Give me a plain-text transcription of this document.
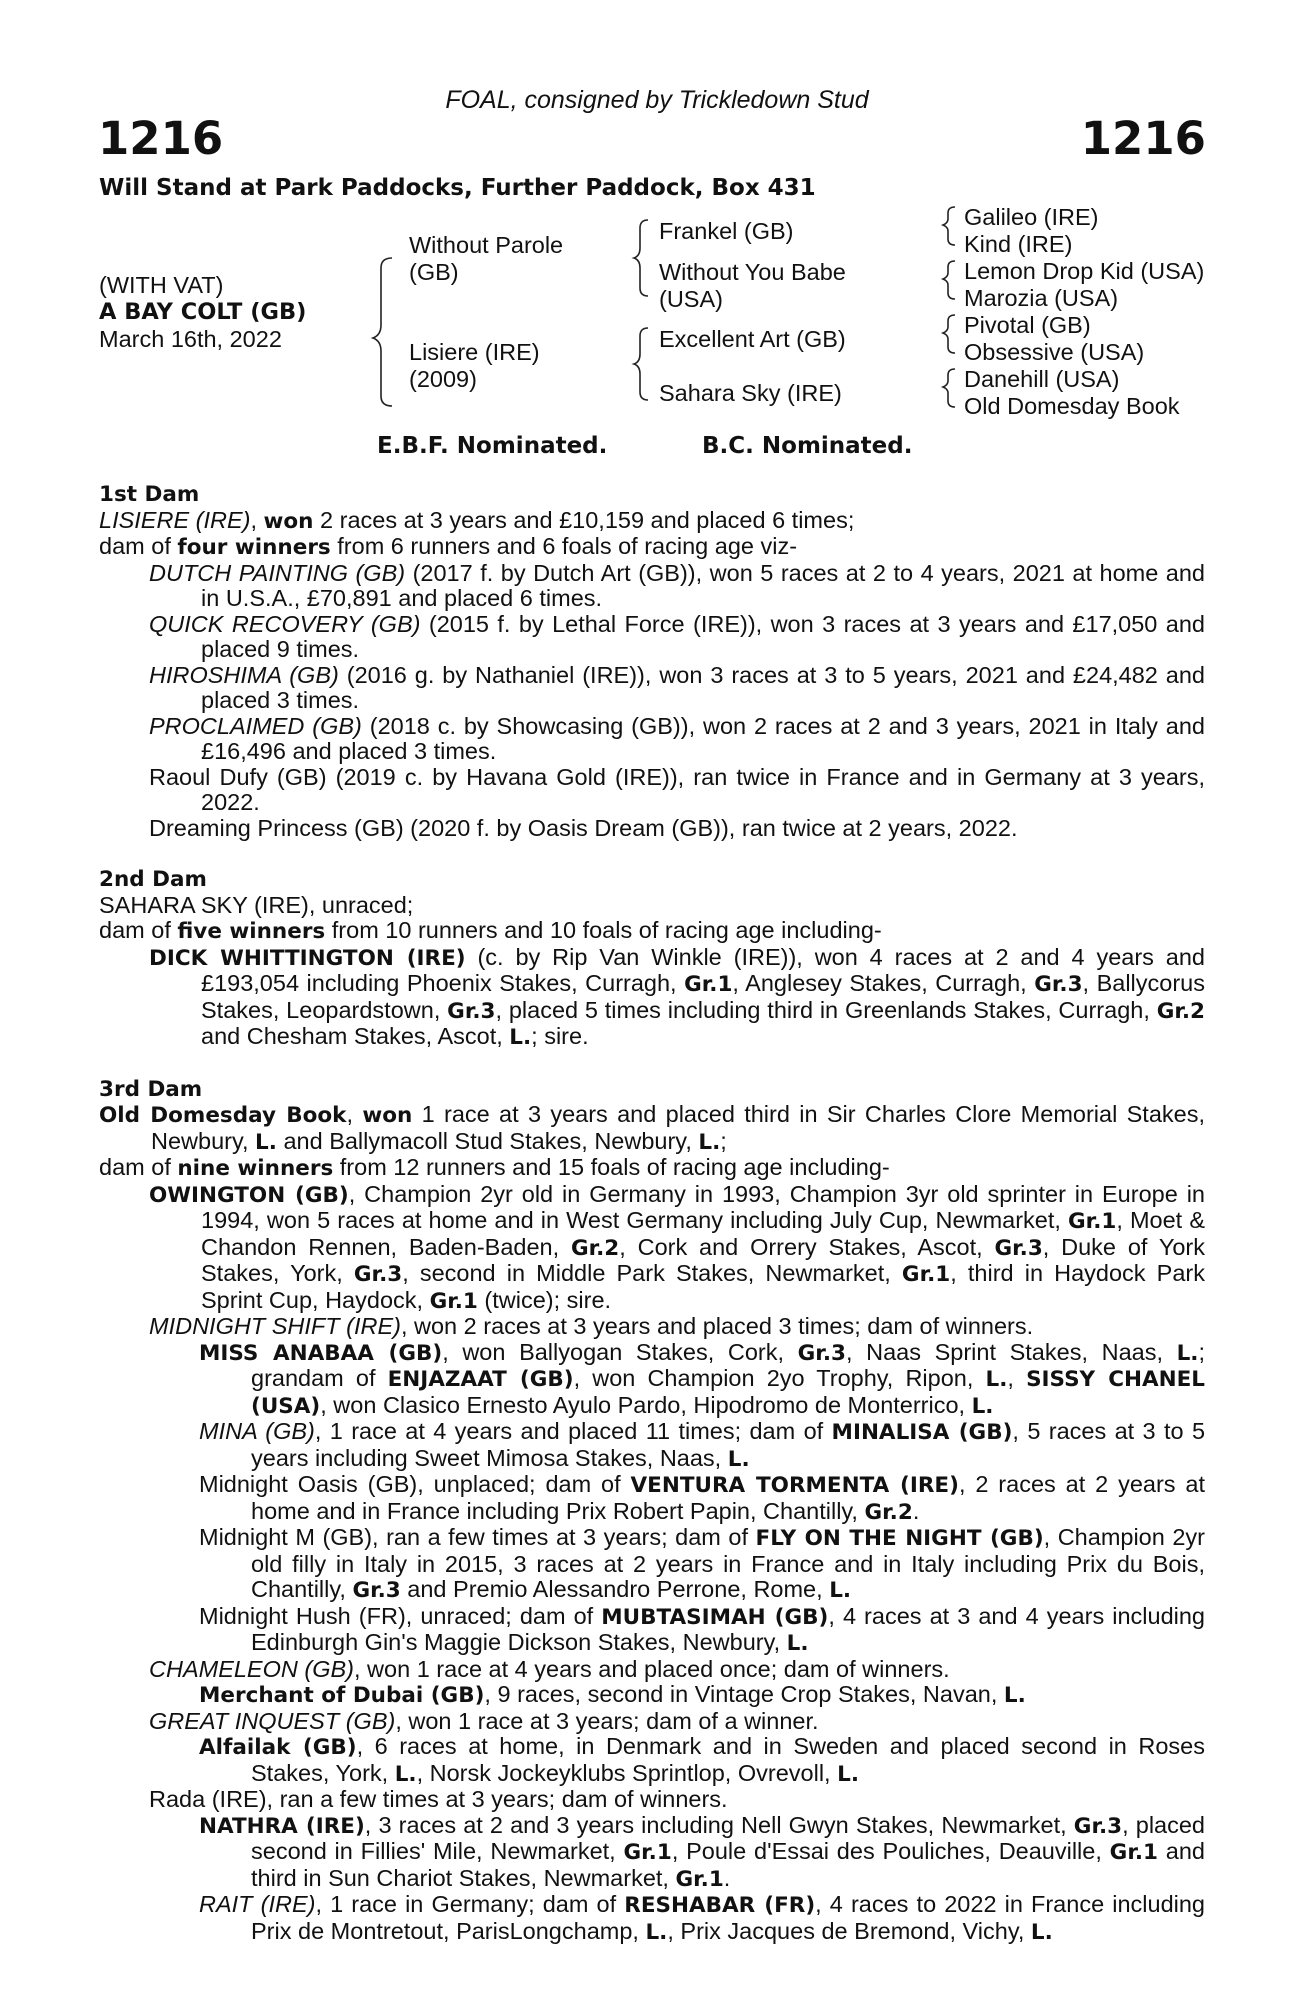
FOAL, consigned by Trickledown Stud
1216	1216
Will Stand at Park Paddocks, Further Paddock, Box 431
(WITH VAT)
A BAY COLT (GB)
March 16th, 2022
Without Parole
(GB)
Lisiere (IRE)
(2009)
Frankel (GB)
Without You Babe
(USA)
Excellent Art (GB)
Sahara Sky (IRE)
Galileo (IRE)
Kind (IRE)
Lemon Drop Kid (USA)
Marozia (USA)
Pivotal (GB)
Obsessive (USA)
Danehill (USA)
Old Domesday Book
E.B.F. Nominated.	B.C. Nominated.
1st Dam
LISIERE (IRE), won 2 races at 3 years and £10,159 and placed 6 times;
dam of four winners from 6 runners and 6 foals of racing age viz-
DUTCH PAINTING (GB) (2017 f. by Dutch Art (GB)), won 5 races at 2 to 4 years, 2021 at home and in U.S.A., £70,891 and placed 6 times.
QUICK RECOVERY (GB) (2015 f. by Lethal Force (IRE)), won 3 races at 3 years and £17,050 and placed 9 times.
HIROSHIMA (GB) (2016 g. by Nathaniel (IRE)), won 3 races at 3 to 5 years, 2021 and £24,482 and placed 3 times.
PROCLAIMED (GB) (2018 c. by Showcasing (GB)), won 2 races at 2 and 3 years, 2021 in Italy and £16,496 and placed 3 times.
Raoul Dufy (GB) (2019 c. by Havana Gold (IRE)), ran twice in France and in Germany at 3 years, 2022.
Dreaming Princess (GB) (2020 f. by Oasis Dream (GB)), ran twice at 2 years, 2022.
2nd Dam
SAHARA SKY (IRE), unraced;
dam of five winners from 10 runners and 10 foals of racing age including-
DICK WHITTINGTON (IRE) (c. by Rip Van Winkle (IRE)), won 4 races at 2 and 4 years and £193,054 including Phoenix Stakes, Curragh, Gr.1, Anglesey Stakes, Curragh, Gr.3, Ballycorus Stakes, Leopardstown, Gr.3, placed 5 times including third in Greenlands Stakes, Curragh, Gr.2 and Chesham Stakes, Ascot, L.; sire.
3rd Dam
Old Domesday Book, won 1 race at 3 years and placed third in Sir Charles Clore Memorial Stakes, Newbury, L. and Ballymacoll Stud Stakes, Newbury, L.;
dam of nine winners from 12 runners and 15 foals of racing age including-
OWINGTON (GB), Champion 2yr old in Germany in 1993, Champion 3yr old sprinter in Europe in 1994, won 5 races at home and in West Germany including July Cup, Newmarket, Gr.1, Moet & Chandon Rennen, Baden-Baden, Gr.2, Cork and Orrery Stakes, Ascot, Gr.3, Duke of York Stakes, York, Gr.3, second in Middle Park Stakes, Newmarket, Gr.1, third in Haydock Park Sprint Cup, Haydock, Gr.1 (twice); sire.
MIDNIGHT SHIFT (IRE), won 2 races at 3 years and placed 3 times; dam of winners.
MISS ANABAA (GB), won Ballyogan Stakes, Cork, Gr.3, Naas Sprint Stakes, Naas, L.; grandam of ENJAZAAT (GB), won Champion 2yo Trophy, Ripon, L., SISSY CHANEL (USA), won Clasico Ernesto Ayulo Pardo, Hipodromo de Monterrico, L.
MINA (GB), 1 race at 4 years and placed 11 times; dam of MINALISA (GB), 5 races at 3 to 5 years including Sweet Mimosa Stakes, Naas, L.
Midnight Oasis (GB), unplaced; dam of VENTURA TORMENTA (IRE), 2 races at 2 years at home and in France including Prix Robert Papin, Chantilly, Gr.2.
Midnight M (GB), ran a few times at 3 years; dam of FLY ON THE NIGHT (GB), Champion 2yr old filly in Italy in 2015, 3 races at 2 years in France and in Italy including Prix du Bois, Chantilly, Gr.3 and Premio Alessandro Perrone, Rome, L.
Midnight Hush (FR), unraced; dam of MUBTASIMAH (GB), 4 races at 3 and 4 years including Edinburgh Gin's Maggie Dickson Stakes, Newbury, L.
CHAMELEON (GB), won 1 race at 4 years and placed once; dam of winners.
Merchant of Dubai (GB), 9 races, second in Vintage Crop Stakes, Navan, L.
GREAT INQUEST (GB), won 1 race at 3 years; dam of a winner.
Alfailak (GB), 6 races at home, in Denmark and in Sweden and placed second in Roses Stakes, York, L., Norsk Jockeyklubs Sprintlop, Ovrevoll, L.
Rada (IRE), ran a few times at 3 years; dam of winners.
NATHRA (IRE), 3 races at 2 and 3 years including Nell Gwyn Stakes, Newmarket, Gr.3, placed second in Fillies' Mile, Newmarket, Gr.1, Poule d'Essai des Pouliches, Deauville, Gr.1 and third in Sun Chariot Stakes, Newmarket, Gr.1.
RAIT (IRE), 1 race in Germany; dam of RESHABAR (FR), 4 races to 2022 in France including Prix de Montretout, ParisLongchamp, L., Prix Jacques de Bremond, Vichy, L.
